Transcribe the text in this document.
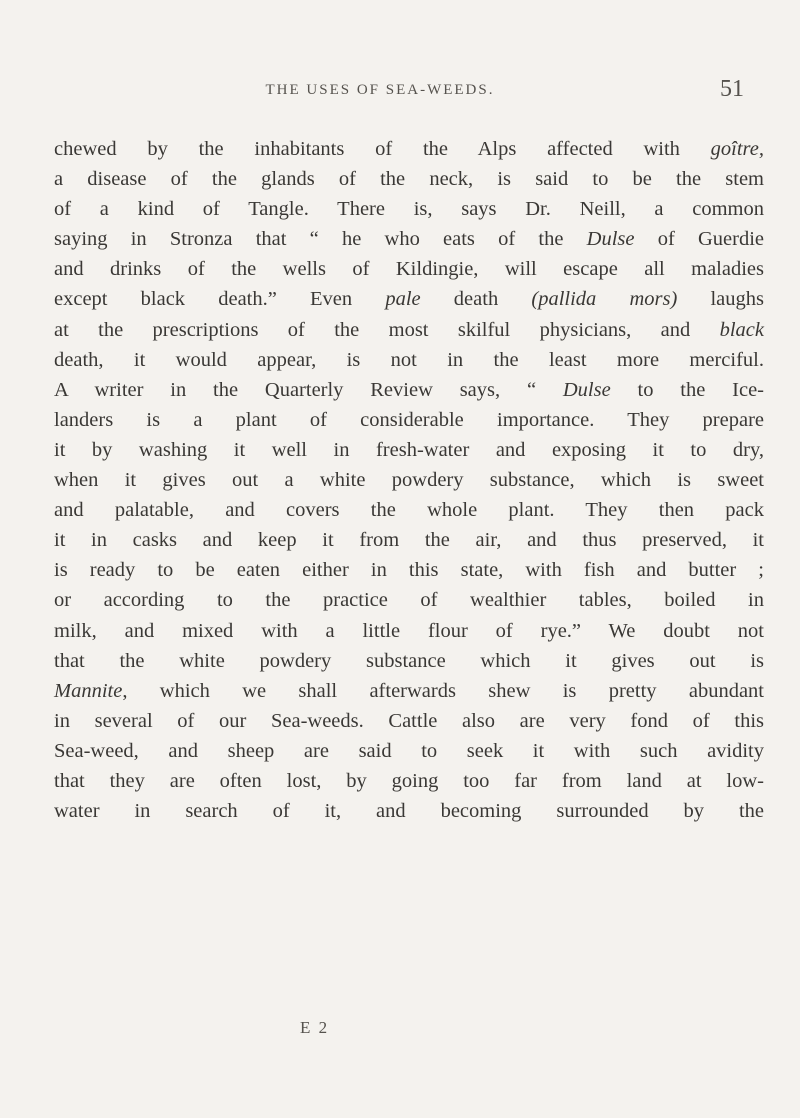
THE USES OF SEA-WEEDS.	51
chewed by the inhabitants of the Alps affected with goître,
a disease of the glands of the neck, is said to be the stem
of a kind of Tangle. There is, says Dr. Neill, a common
saying in Stronza that “ he who eats of the Dulse of Guerdie
and drinks of the wells of Kildingie, will escape all maladies
except black death.” Even pale death (pallida mors) laughs
at the prescriptions of the most skilful physicians, and black
death, it would appear, is not in the least more merciful.
A writer in the Quarterly Review says, “ Dulse to the Ice-
landers is a plant of considerable importance. They prepare
it by washing it well in fresh-water and exposing it to dry,
when it gives out a white powdery substance, which is sweet
and palatable, and covers the whole plant. They then pack
it in casks and keep it from the air, and thus preserved, it
is ready to be eaten either in this state, with fish and butter ;
or according to the practice of wealthier tables, boiled in
milk, and mixed with a little flour of rye.” We doubt not
that the white powdery substance which it gives out is
Mannite, which we shall afterwards shew is pretty abundant
in several of our Sea-weeds. Cattle also are very fond of this
Sea-weed, and sheep are said to seek it with such avidity
that they are often lost, by going too far from land at low-
water in search of it, and becoming surrounded by the
E 2
